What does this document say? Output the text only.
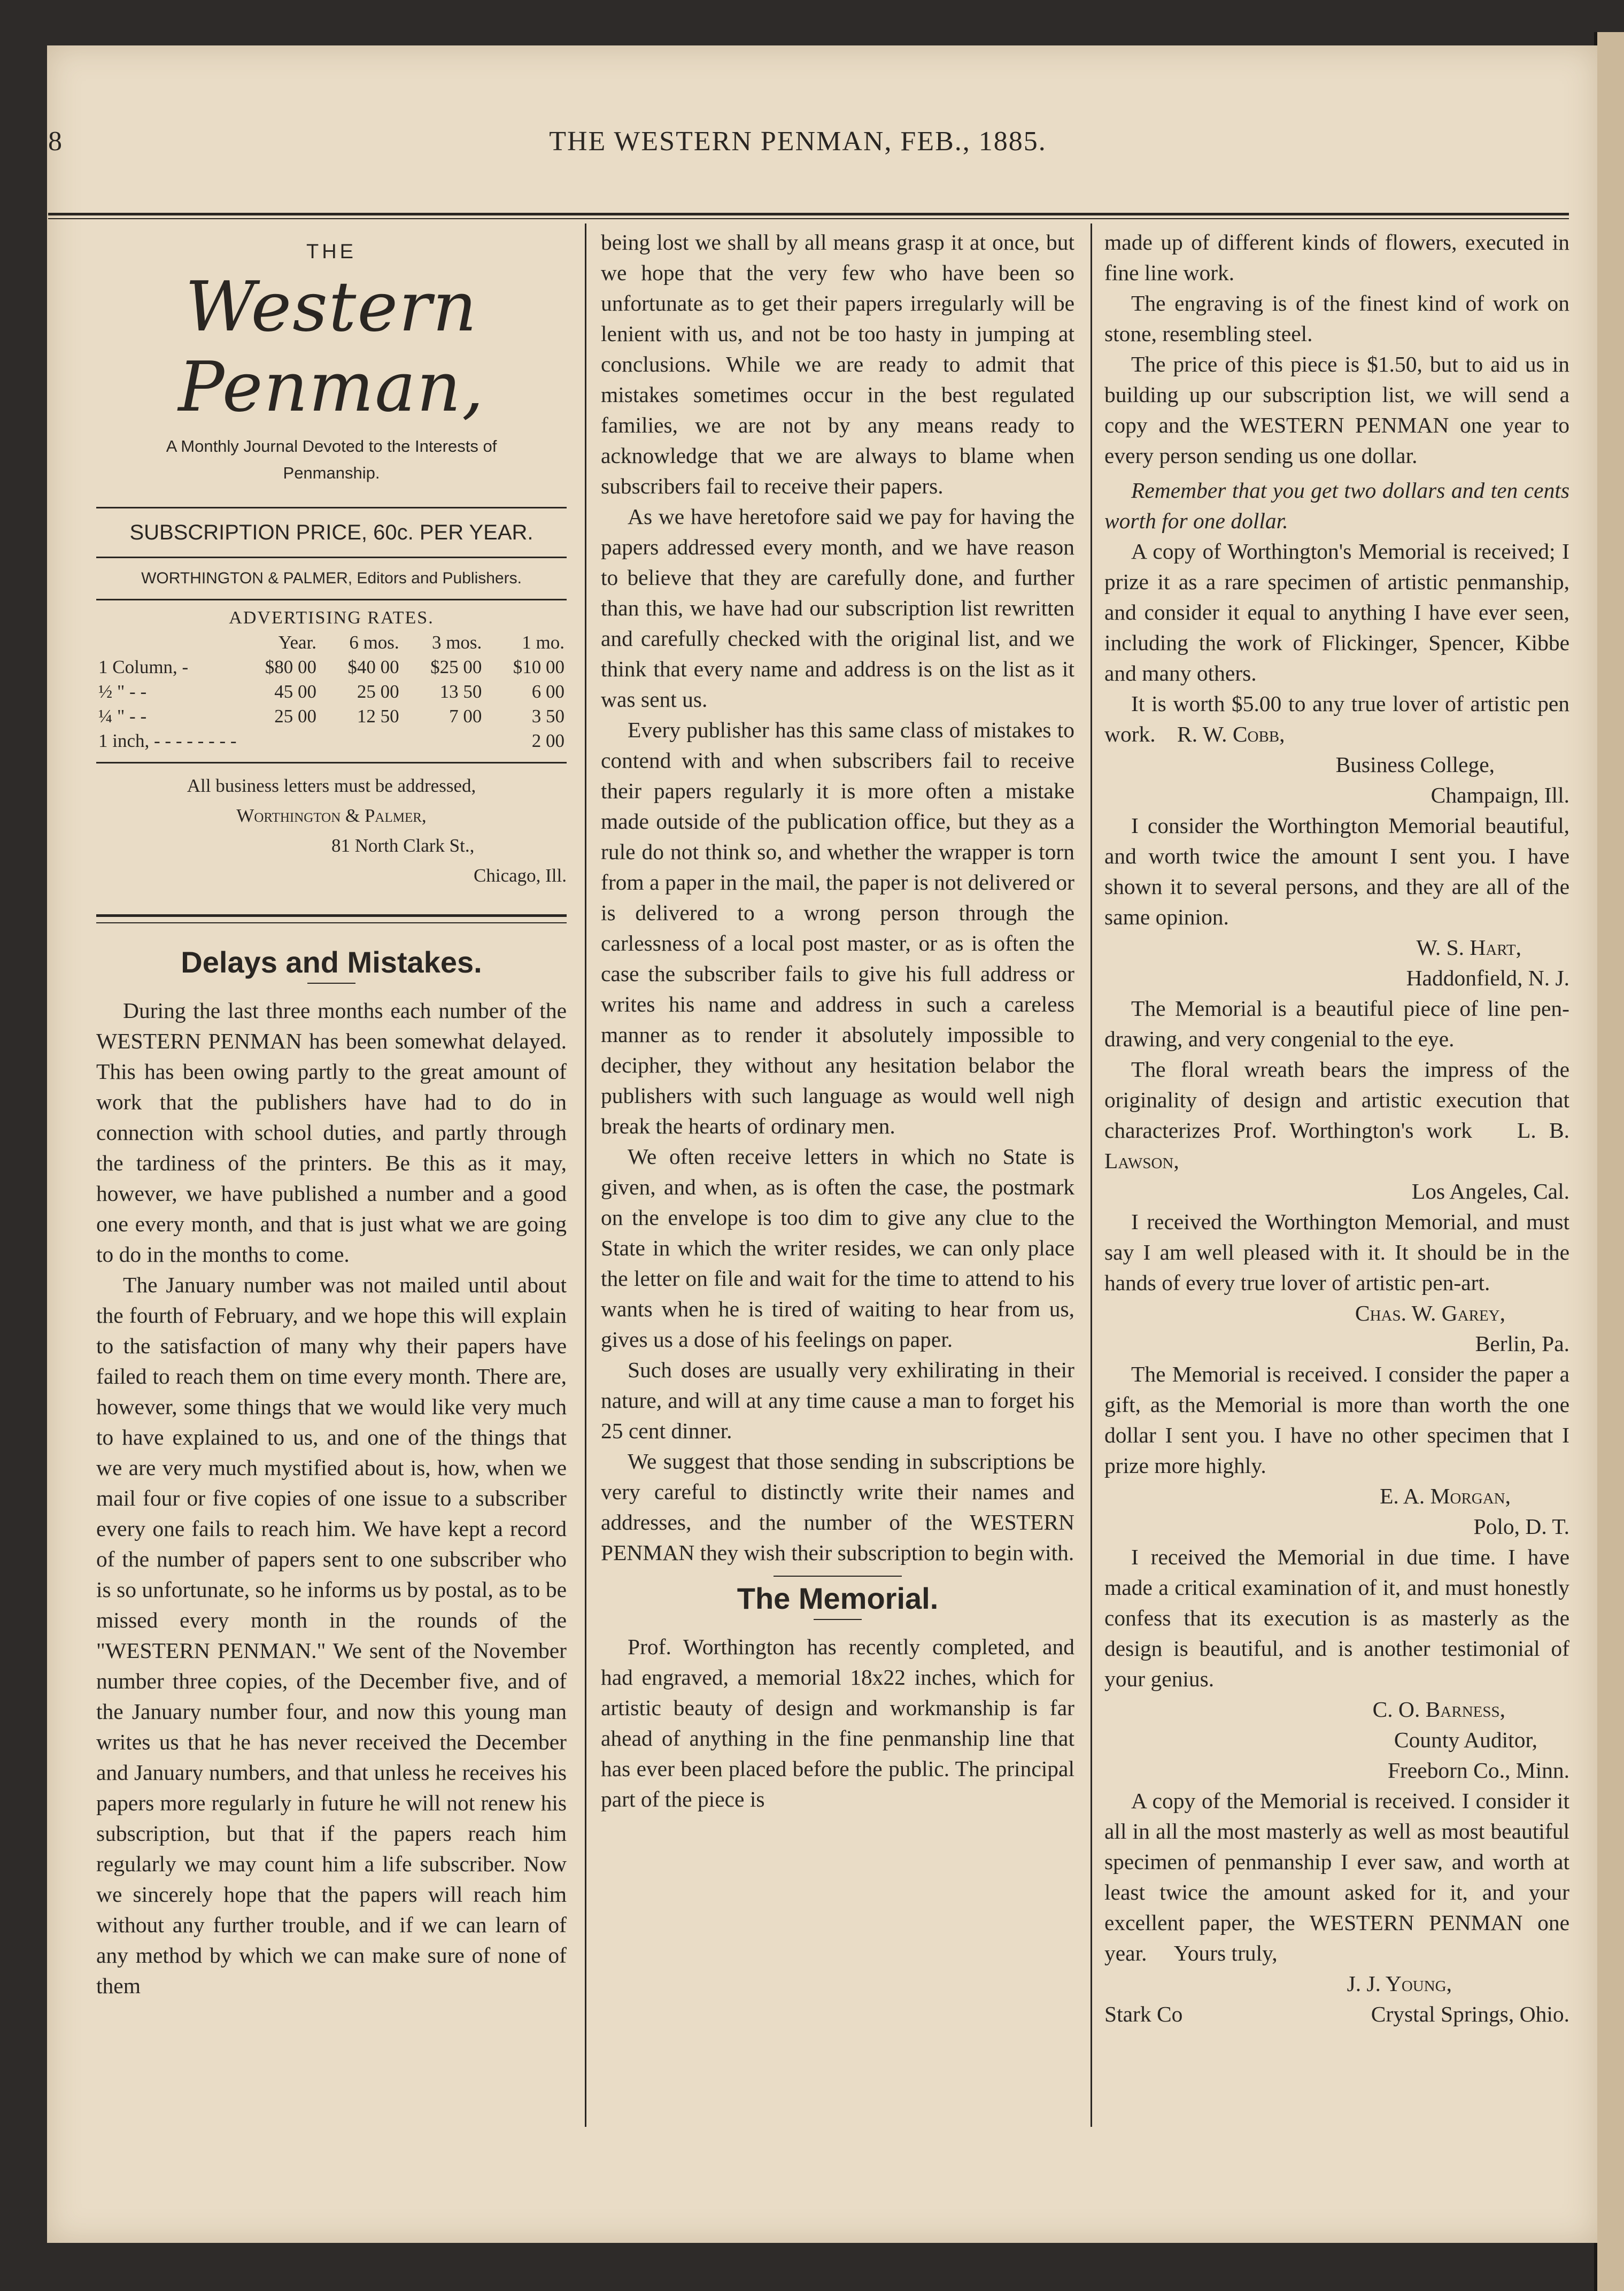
THE WESTERN PENMAN, FEB., 1885.
8
THE
Western Penman,
A Monthly Journal Devoted to the Interests of Penmanship.
SUBSCRIPTION PRICE, 60c. PER YEAR.
WORTHINGTON & PALMER, Editors and Publishers.
ADVERTISING RATES.
	Year.	6 mos.	3 mos.	1 mo.
1 Column, -	$80 00	$40 00	$25 00	$10 00
½ " - -	45 00	25 00	13 50	6 00
¼ " - -	25 00	12 50	7 00	3 50
1 inch, - - - - - - - -				2 00
All business letters must be addressed,
Worthington & Palmer,
81 North Clark St.,
Chicago, Ill.
Delays and Mistakes.

During the last three months each number of the WESTERN PENMAN has been somewhat delayed. This has been owing partly to the great amount of work that the publishers have had to do in connection with school duties, and partly through the tardiness of the printers. Be this as it may, however, we have published a number and a good one every month, and that is just what we are going to do in the months to come.

The January number was not mailed until about the fourth of February, and we hope this will explain to the satisfaction of many why their papers have failed to reach them on time every month. There are, however, some things that we would like very much to have explained to us, and one of the things that we are very much mystified about is, how, when we mail four or five copies of one issue to a subscriber every one fails to reach him. We have kept a record of the number of papers sent to one subscriber who is so unfortunate, so he informs us by postal, as to be missed every month in the rounds of the "WESTERN PENMAN." We sent of the November number three copies, of the December five, and of the January number four, and now this young man writes us that he has never received the December and January numbers, and that unless he receives his papers more regularly in future he will not renew his subscription, but that if the papers reach him regularly we may count him a life subscriber. Now we sincerely hope that the papers will reach him without any further trouble, and if we can learn of any method by which we can make sure of none of them

being lost we shall by all means grasp it at once, but we hope that the very few who have been so unfortunate as to get their papers irregularly will be lenient with us, and not be too hasty in jumping at conclusions. While we are ready to admit that mistakes sometimes occur in the best regulated families, we are not by any means ready to acknowledge that we are always to blame when subscribers fail to receive their papers.

As we have heretofore said we pay for having the papers addressed every month, and we have reason to believe that they are carefully done, and further than this, we have had our subscription list rewritten and carefully checked with the original list, and we think that every name and address is on the list as it was sent us.

Every publisher has this same class of mistakes to contend with and when subscribers fail to receive their papers regularly it is more often a mistake made outside of the publication office, but they as a rule do not think so, and whether the wrapper is torn from a paper in the mail, the paper is not delivered or is delivered to a wrong person through the carlessness of a local post master, or as is often the case the subscriber fails to give his full address or writes his name and address in such a careless manner as to render it absolutely impossible to decipher, they without any hesitation belabor the publishers with such language as would well nigh break the hearts of ordinary men.

We often receive letters in which no State is given, and when, as is often the case, the postmark on the envelope is too dim to give any clue to the State in which the writer resides, we can only place the letter on file and wait for the time to attend to his wants when he is tired of waiting to hear from us, gives us a dose of his feelings on paper.

Such doses are usually very exhilirating in their nature, and will at any time cause a man to forget his 25 cent dinner.

We suggest that those sending in subscriptions be very careful to distinctly write their names and addresses, and the number of the WESTERN PENMAN they wish their subscription to begin with.

The Memorial.

Prof. Worthington has recently completed, and had engraved, a memorial 18x22 inches, which for artistic beauty of design and workmanship is far ahead of anything in the fine penmanship line that has ever been placed before the public. The principal part of the piece is

made up of different kinds of flowers, executed in fine line work.

The engraving is of the finest kind of work on stone, resembling steel.

The price of this piece is $1.50, but to aid us in building up our subscription list, we will send a copy and the WESTERN PENMAN one year to every person sending us one dollar.

Remember that you get two dollars and ten cents worth for one dollar.

A copy of Worthington's Memorial is received; I prize it as a rare specimen of artistic penmanship, and consider it equal to anything I have ever seen, including the work of Flickinger, Spencer, Kibbe and many others.

It is worth $5.00 to any true lover of artistic pen work. R. W. Cobb,

Business College,
Champaign, Ill.

I consider the Worthington Memorial beautiful, and worth twice the amount I sent you. I have shown it to several persons, and they are all of the same opinion.

W. S. Hart,
Haddonfield, N. J.

The Memorial is a beautiful piece of line pen-drawing, and very congenial to the eye.

The floral wreath bears the impress of the originality of design and artistic execution that characterizes Prof. Worthington's work L. B. Lawson,

Los Angeles, Cal.

I received the Worthington Memorial, and must say I am well pleased with it. It should be in the hands of every true lover of artistic pen-art.

Chas. W. Garey,
Berlin, Pa.

The Memorial is received. I consider the paper a gift, as the Memorial is more than worth the one dollar I sent you. I have no other specimen that I prize more highly.

E. A. Morgan,
Polo, D. T.

I received the Memorial in due time. I have made a critical examination of it, and must honestly confess that its execution is as masterly as the design is beautiful, and is another testimonial of your genius.

C. O. Barness,
County Auditor,
Freeborn Co., Minn.

A copy of the Memorial is received. I consider it all in all the most masterly as well as most beautiful specimen of penmanship I ever saw, and worth at least twice the amount asked for it, and your excellent paper, the WESTERN PENMAN one year. Yours truly,

J. J. Young,
Stark Co	Crystal Springs, Ohio.
